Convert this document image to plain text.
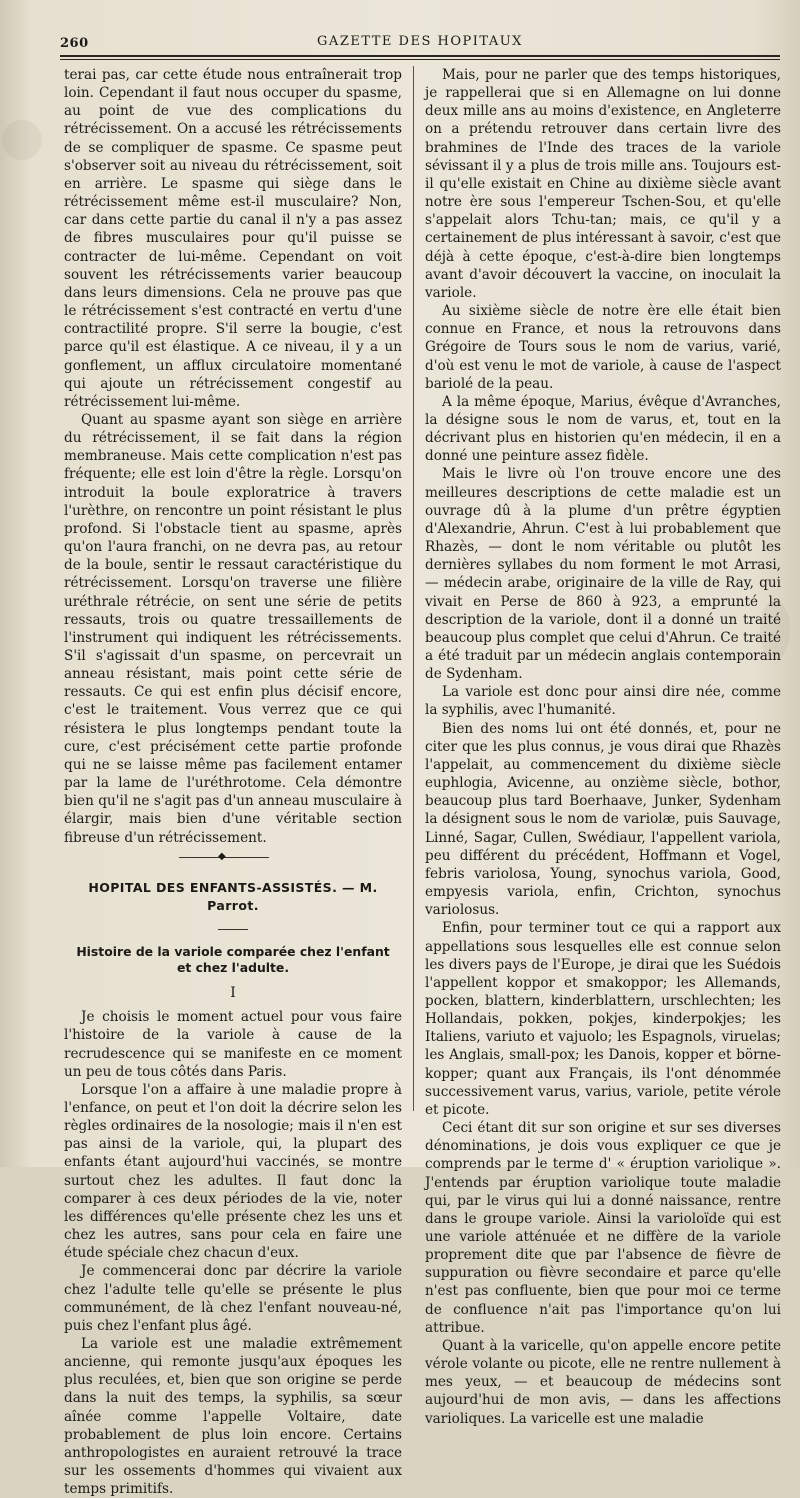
260	GAZETTE DES HOPITAUX

terai pas, car cette étude nous entraînerait trop loin. Cependant il faut nous occuper du spasme, au point de vue des complications du rétrécissement. On a accusé les rétrécissements de se compliquer de spasme. Ce spasme peut s'observer soit au niveau du rétrécissement, soit en arrière. Le spasme qui siège dans le rétrécissement même est-il musculaire? Non, car dans cette partie du canal il n'y a pas assez de fibres musculaires pour qu'il puisse se contracter de lui-même. Cependant on voit souvent les rétrécissements varier beaucoup dans leurs dimensions. Cela ne prouve pas que le rétrécissement s'est contracté en vertu d'une contractilité propre. S'il serre la bougie, c'est parce qu'il est élastique. A ce niveau, il y a un gonflement, un afflux circulatoire momentané qui ajoute un rétrécissement congestif au rétrécissement lui-même.

Quant au spasme ayant son siège en arrière du rétrécissement, il se fait dans la région membraneuse. Mais cette complication n'est pas fréquente; elle est loin d'être la règle. Lorsqu'on introduit la boule exploratrice à travers l'urèthre, on rencontre un point résistant le plus profond. Si l'obstacle tient au spasme, après qu'on l'aura franchi, on ne devra pas, au retour de la boule, sentir le ressaut caractéristique du rétrécissement. Lorsqu'on traverse une filière uréthrale rétrécie, on sent une série de petits ressauts, trois ou quatre tressaillements de l'instrument qui indiquent les rétrécissements. S'il s'agissait d'un spasme, on percevrait un anneau résistant, mais point cette série de ressauts. Ce qui est enfin plus décisif encore, c'est le traitement. Vous verrez que ce qui résistera le plus longtemps pendant toute la cure, c'est précisément cette partie profonde qui ne se laisse même pas facilement entamer par la lame de l'uréthrotome. Cela démontre bien qu'il ne s'agit pas d'un anneau musculaire à élargir, mais bien d'une véritable section fibreuse d'un rétrécissement.

◆
HOPITAL DES ENFANTS-ASSISTÉS. — M. Parrot.
Histoire de la variole comparée chez l'enfant
et chez l'adulte.
I

Je choisis le moment actuel pour vous faire l'histoire de la variole à cause de la recrudescence qui se manifeste en ce moment un peu de tous côtés dans Paris.

Lorsque l'on a affaire à une maladie propre à l'enfance, on peut et l'on doit la décrire selon les règles ordinaires de la nosologie; mais il n'en est pas ainsi de la variole, qui, la plupart des enfants étant aujourd'hui vaccinés, se montre surtout chez les adultes. Il faut donc la comparer à ces deux périodes de la vie, noter les différences qu'elle présente chez les uns et chez les autres, sans pour cela en faire une étude spéciale chez chacun d'eux.

Je commencerai donc par décrire la variole chez l'adulte telle qu'elle se présente le plus communément, de là chez l'enfant nouveau-né, puis chez l'enfant plus âgé.

La variole est une maladie extrêmement ancienne, qui remonte jusqu'aux époques les plus reculées, et, bien que son origine se perde dans la nuit des temps, la syphilis, sa sœur aînée comme l'appelle Voltaire, date probablement de plus loin encore. Certains anthropologistes en auraient retrouvé la trace sur les ossements d'hommes qui vivaient aux temps primitifs.

Mais, pour ne parler que des temps historiques, je rappellerai que si en Allemagne on lui donne deux mille ans au moins d'existence, en Angleterre on a prétendu retrouver dans certain livre des brahmines de l'Inde des traces de la variole sévissant il y a plus de trois mille ans. Toujours est-il qu'elle existait en Chine au dixième siècle avant notre ère sous l'empereur Tschen-Sou, et qu'elle s'appelait alors Tchu-tan; mais, ce qu'il y a certainement de plus intéressant à savoir, c'est que déjà à cette époque, c'est-à-dire bien longtemps avant d'avoir découvert la vaccine, on inoculait la variole.

Au sixième siècle de notre ère elle était bien connue en France, et nous la retrouvons dans Grégoire de Tours sous le nom de varius, varié, d'où est venu le mot de variole, à cause de l'aspect bariolé de la peau.

A la même époque, Marius, évêque d'Avranches, la désigne sous le nom de varus, et, tout en la décrivant plus en historien qu'en médecin, il en a donné une peinture assez fidèle.

Mais le livre où l'on trouve encore une des meilleures descriptions de cette maladie est un ouvrage dû à la plume d'un prêtre égyptien d'Alexandrie, Ahrun. C'est à lui probablement que Rhazès, — dont le nom véritable ou plutôt les dernières syllabes du nom forment le mot Arrasi, — médecin arabe, originaire de la ville de Ray, qui vivait en Perse de 860 à 923, a emprunté la description de la variole, dont il a donné un traité beaucoup plus complet que celui d'Ahrun. Ce traité a été traduit par un médecin anglais contemporain de Sydenham.

La variole est donc pour ainsi dire née, comme la syphilis, avec l'humanité.

Bien des noms lui ont été donnés, et, pour ne citer que les plus connus, je vous dirai que Rhazès l'appelait, au commencement du dixième siècle euphlogia, Avicenne, au onzième siècle, bothor, beaucoup plus tard Boerhaave, Junker, Sydenham la désignent sous le nom de variolæ, puis Sauvage, Linné, Sagar, Cullen, Swédiaur, l'appellent variola, peu différent du précédent, Hoffmann et Vogel, febris variolosa, Young, synochus variola, Good, empyesis variola, enfin, Crichton, synochus variolosus.

Enfin, pour terminer tout ce qui a rapport aux appellations sous lesquelles elle est connue selon les divers pays de l'Europe, je dirai que les Suédois l'appellent koppor et smakoppor; les Allemands, pocken, blattern, kinderblattern, urschlechten; les Hollandais, pokken, pokjes, kinderpokjes; les Italiens, variuto et vajuolo; les Espagnols, viruelas; les Anglais, small-pox; les Danois, kopper et börne-kopper; quant aux Français, ils l'ont dénommée successivement varus, varius, variole, petite vérole et picote.

Ceci étant dit sur son origine et sur ses diverses dénominations, je dois vous expliquer ce que je comprends par le terme d' « éruption variolique ». J'entends par éruption variolique toute maladie qui, par le virus qui lui a donné naissance, rentre dans le groupe variole. Ainsi la varioloïde qui est une variole atténuée et ne diffère de la variole proprement dite que par l'absence de fièvre de suppuration ou fièvre secondaire et parce qu'elle n'est pas confluente, bien que pour moi ce terme de confluence n'ait pas l'importance qu'on lui attribue.

Quant à la varicelle, qu'on appelle encore petite vérole volante ou picote, elle ne rentre nullement à mes yeux, — et beaucoup de médecins sont aujourd'hui de mon avis, — dans les affections varioliques. La varicelle est une maladie
